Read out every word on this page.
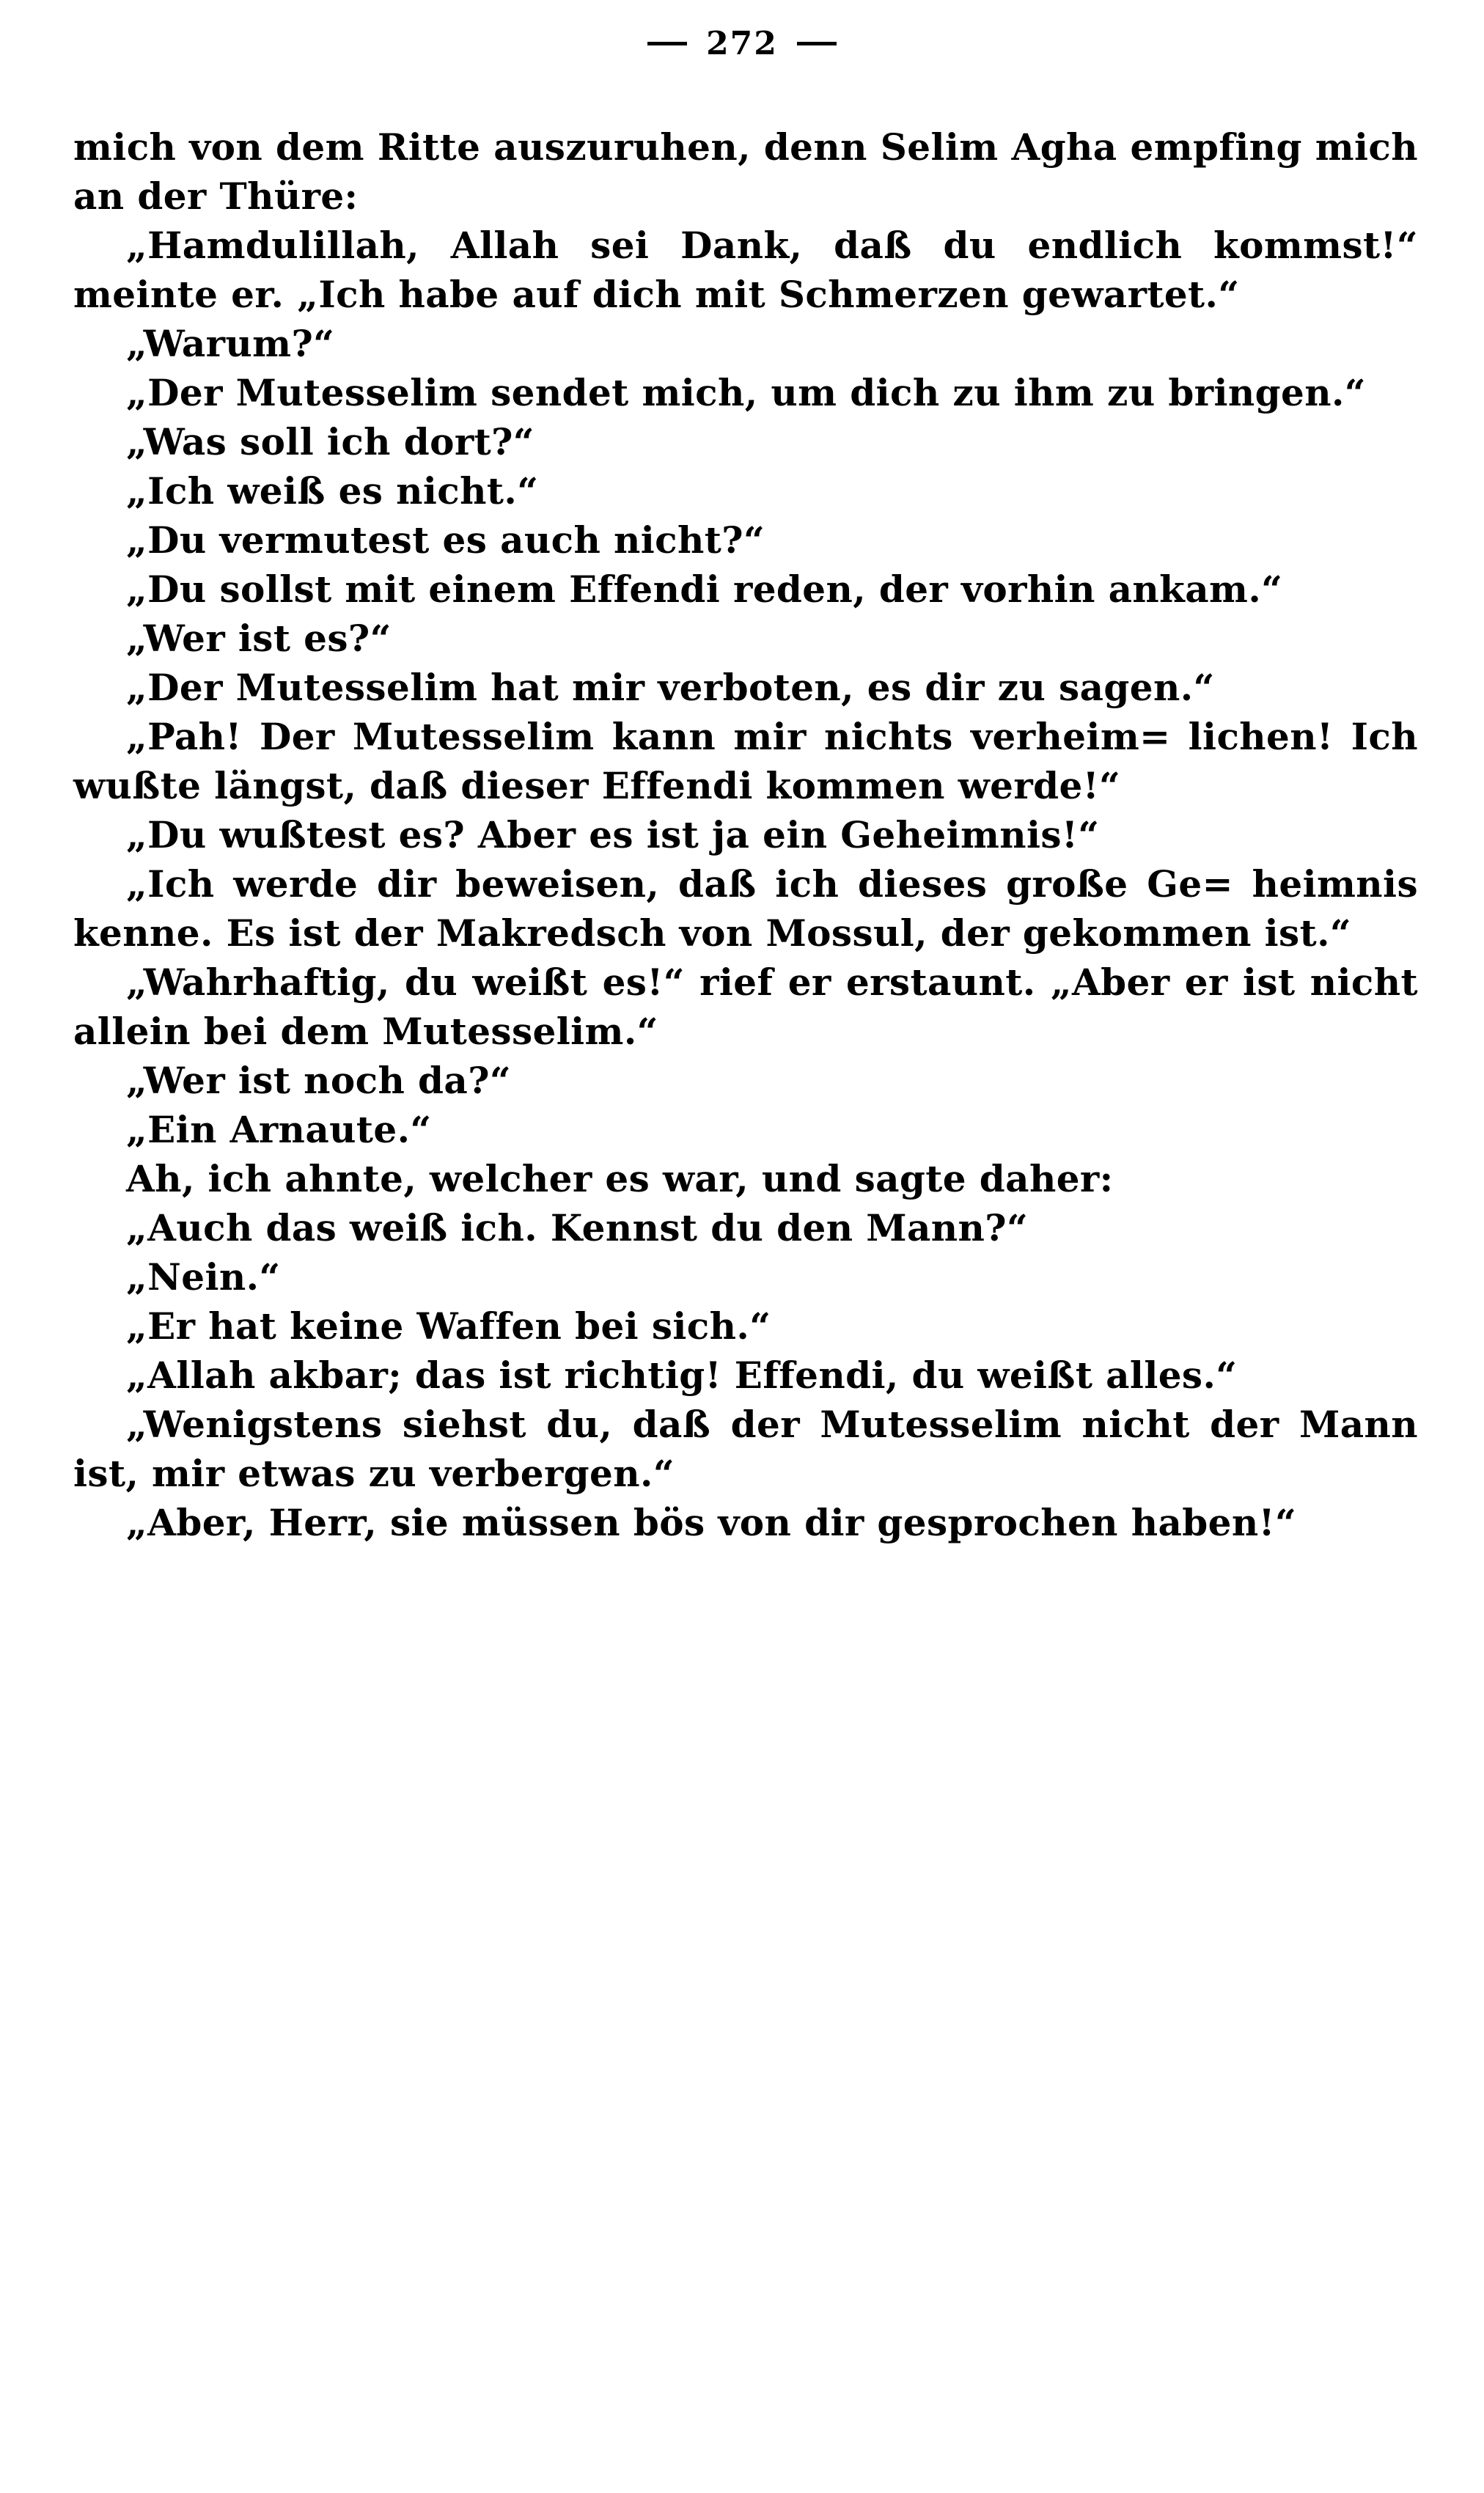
272

mich von dem Ritte auszuruhen, denn Selim Agha empfing mich an der Thüre:

„Hamdulillah, Allah sei Dank, daß du endlich kommst!“ meinte er. „Ich habe auf dich mit Schmerzen gewartet.“

„Warum?“

„Der Mutesselim sendet mich, um dich zu ihm zu bringen.“

„Was soll ich dort?“

„Ich weiß es nicht.“

„Du vermutest es auch nicht?“

„Du sollst mit einem Effendi reden, der vorhin ankam.“

„Wer ist es?“

„Der Mutesselim hat mir verboten, es dir zu sagen.“

„Pah! Der Mutesselim kann mir nichts verheim= lichen! Ich wußte längst, daß dieser Effendi kommen werde!“

„Du wußtest es? Aber es ist ja ein Geheimnis!“

„Ich werde dir beweisen, daß ich dieses große Ge= heimnis kenne. Es ist der Makredsch von Mossul, der gekommen ist.“

„Wahrhaftig, du weißt es!“ rief er erstaunt. „Aber er ist nicht allein bei dem Mutesselim.“

„Wer ist noch da?“

„Ein Arnaute.“

Ah, ich ahnte, welcher es war, und sagte daher:

„Auch das weiß ich. Kennst du den Mann?“

„Nein.“

„Er hat keine Waffen bei sich.“

„Allah akbar; das ist richtig! Effendi, du weißt alles.“

„Wenigstens siehst du, daß der Mutesselim nicht der Mann ist, mir etwas zu verbergen.“

„Aber, Herr, sie müssen bös von dir gesprochen haben!“
